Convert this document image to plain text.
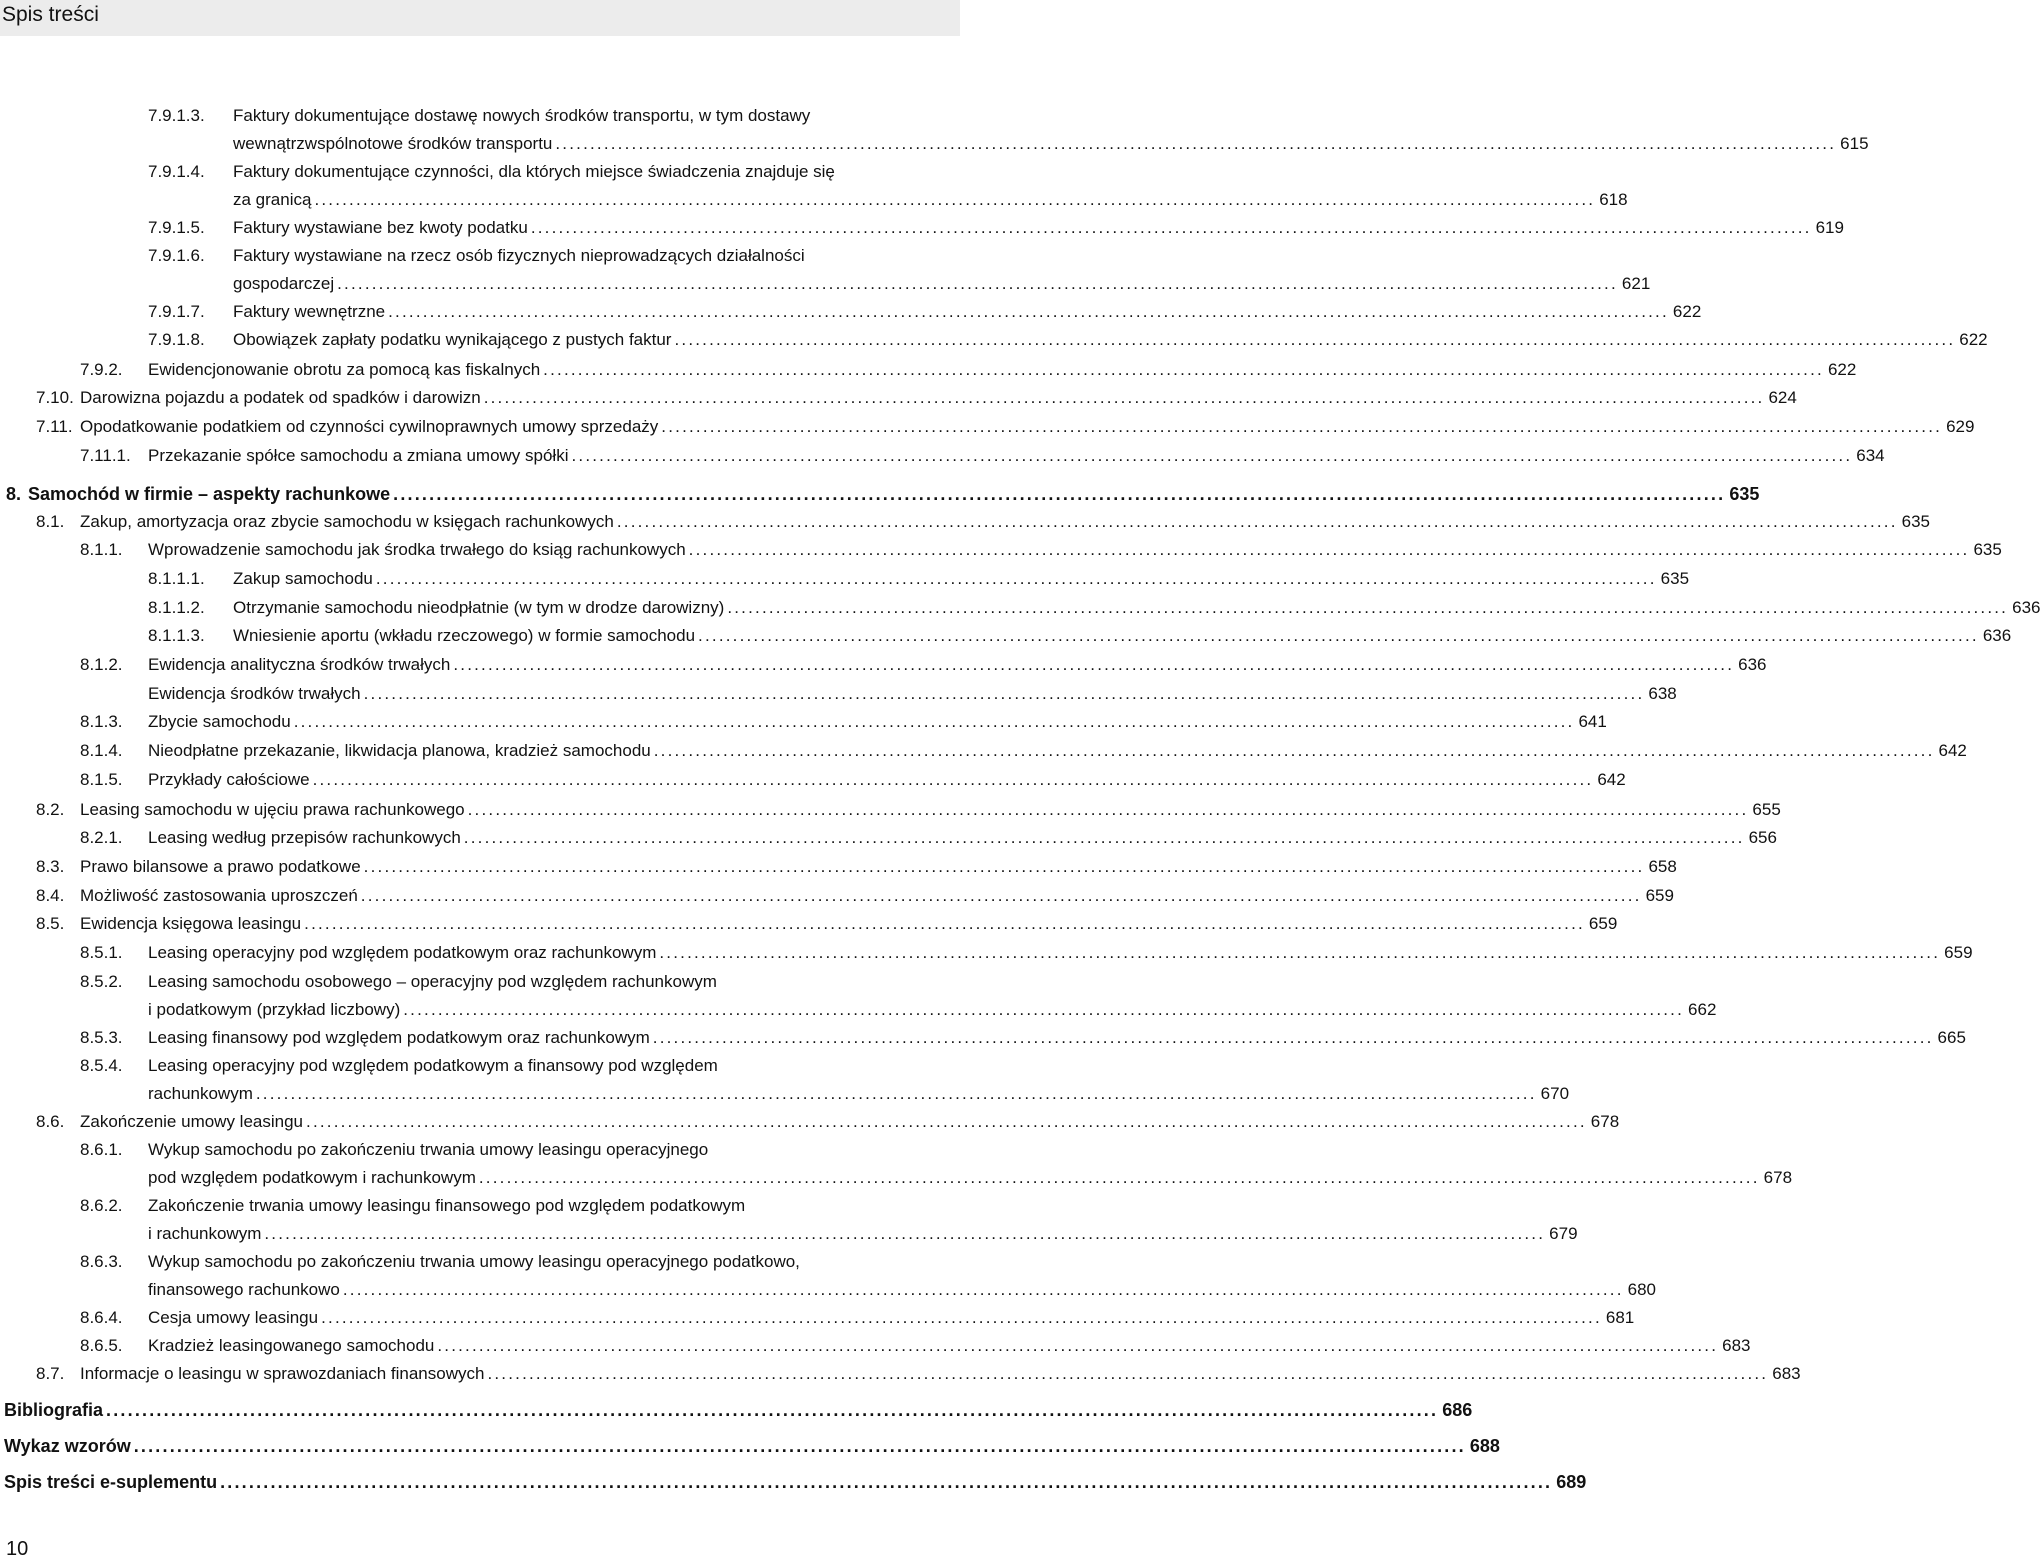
Spis treści
7.9.1.3.	Faktury dokumentujące dostawę nowych środków transportu, w tym dostawy
wewnątrzwspólnotowe środków transportu ......................................................................................................................................................................................... 615
7.9.1.4.	Faktury dokumentujące czynności, dla których miejsce świadczenia znajduje się
za granicą ......................................................................................................................................................................................... 618
7.9.1.5.	Faktury wystawiane bez kwoty podatku ......................................................................................................................................................................................... 619
7.9.1.6.	Faktury wystawiane na rzecz osób fizycznych nieprowadzących działalności
gospodarczej ......................................................................................................................................................................................... 621
7.9.1.7.	Faktury wewnętrzne ......................................................................................................................................................................................... 622
7.9.1.8.	Obowiązek zapłaty podatku wynikającego z pustych faktur ......................................................................................................................................................................................... 622
7.9.2.	Ewidencjonowanie obrotu za pomocą kas fiskalnych ......................................................................................................................................................................................... 622
7.10. Darowizna pojazdu a podatek od spadków i darowizn ......................................................................................................................................................................................... 624
7.11. Opodatkowanie podatkiem od czynności cywilnoprawnych umowy sprzedaży ......................................................................................................................................................................................... 629
7.11.1.	Przekazanie spółce samochodu a zmiana umowy spółki ......................................................................................................................................................................................... 634
8. Samochód w firmie – aspekty rachunkowe ......................................................................................................................................................................................... 635
8.1. Zakup, amortyzacja oraz zbycie samochodu w księgach rachunkowych ......................................................................................................................................................................................... 635
8.1.1.	Wprowadzenie samochodu jak środka trwałego do ksiąg rachunkowych ......................................................................................................................................................................................... 635
8.1.1.1.	Zakup samochodu ......................................................................................................................................................................................... 635
8.1.1.2.	Otrzymanie samochodu nieodpłatnie (w tym w drodze darowizny) ......................................................................................................................................................................................... 636
8.1.1.3.	Wniesienie aportu (wkładu rzeczowego) w formie samochodu ......................................................................................................................................................................................... 636
8.1.2.	Ewidencja analityczna środków trwałych ......................................................................................................................................................................................... 636
Ewidencja środków trwałych ......................................................................................................................................................................................... 638
8.1.3.	Zbycie samochodu ......................................................................................................................................................................................... 641
8.1.4.	Nieodpłatne przekazanie, likwidacja planowa, kradzież samochodu ......................................................................................................................................................................................... 642
8.1.5.	Przykłady całościowe ......................................................................................................................................................................................... 642
8.2. Leasing samochodu w ujęciu prawa rachunkowego ......................................................................................................................................................................................... 655
8.2.1.	Leasing według przepisów rachunkowych ......................................................................................................................................................................................... 656
8.3. Prawo bilansowe a prawo podatkowe ......................................................................................................................................................................................... 658
8.4. Możliwość zastosowania uproszczeń ......................................................................................................................................................................................... 659
8.5. Ewidencja księgowa leasingu ......................................................................................................................................................................................... 659
8.5.1.	Leasing operacyjny pod względem podatkowym oraz rachunkowym ......................................................................................................................................................................................... 659
8.5.2.	Leasing samochodu osobowego – operacyjny pod względem rachunkowym
i podatkowym (przykład liczbowy) ......................................................................................................................................................................................... 662
8.5.3.	Leasing finansowy pod względem podatkowym oraz rachunkowym ......................................................................................................................................................................................... 665
8.5.4.	Leasing operacyjny pod względem podatkowym a finansowy pod względem
rachunkowym ......................................................................................................................................................................................... 670
8.6. Zakończenie umowy leasingu ......................................................................................................................................................................................... 678
8.6.1.	Wykup samochodu po zakończeniu trwania umowy leasingu operacyjnego
pod względem podatkowym i rachunkowym ......................................................................................................................................................................................... 678
8.6.2.	Zakończenie trwania umowy leasingu finansowego pod względem podatkowym
i rachunkowym ......................................................................................................................................................................................... 679
8.6.3.	Wykup samochodu po zakończeniu trwania umowy leasingu operacyjnego podatkowo,
finansowego rachunkowo ......................................................................................................................................................................................... 680
8.6.4.	Cesja umowy leasingu ......................................................................................................................................................................................... 681
8.6.5.	Kradzież leasingowanego samochodu ......................................................................................................................................................................................... 683
8.7. Informacje o leasingu w sprawozdaniach finansowych ......................................................................................................................................................................................... 683
Bibliografia ......................................................................................................................................................................................... 686
Wykaz wzorów ......................................................................................................................................................................................... 688
Spis treści e-suplementu ......................................................................................................................................................................................... 689
10
